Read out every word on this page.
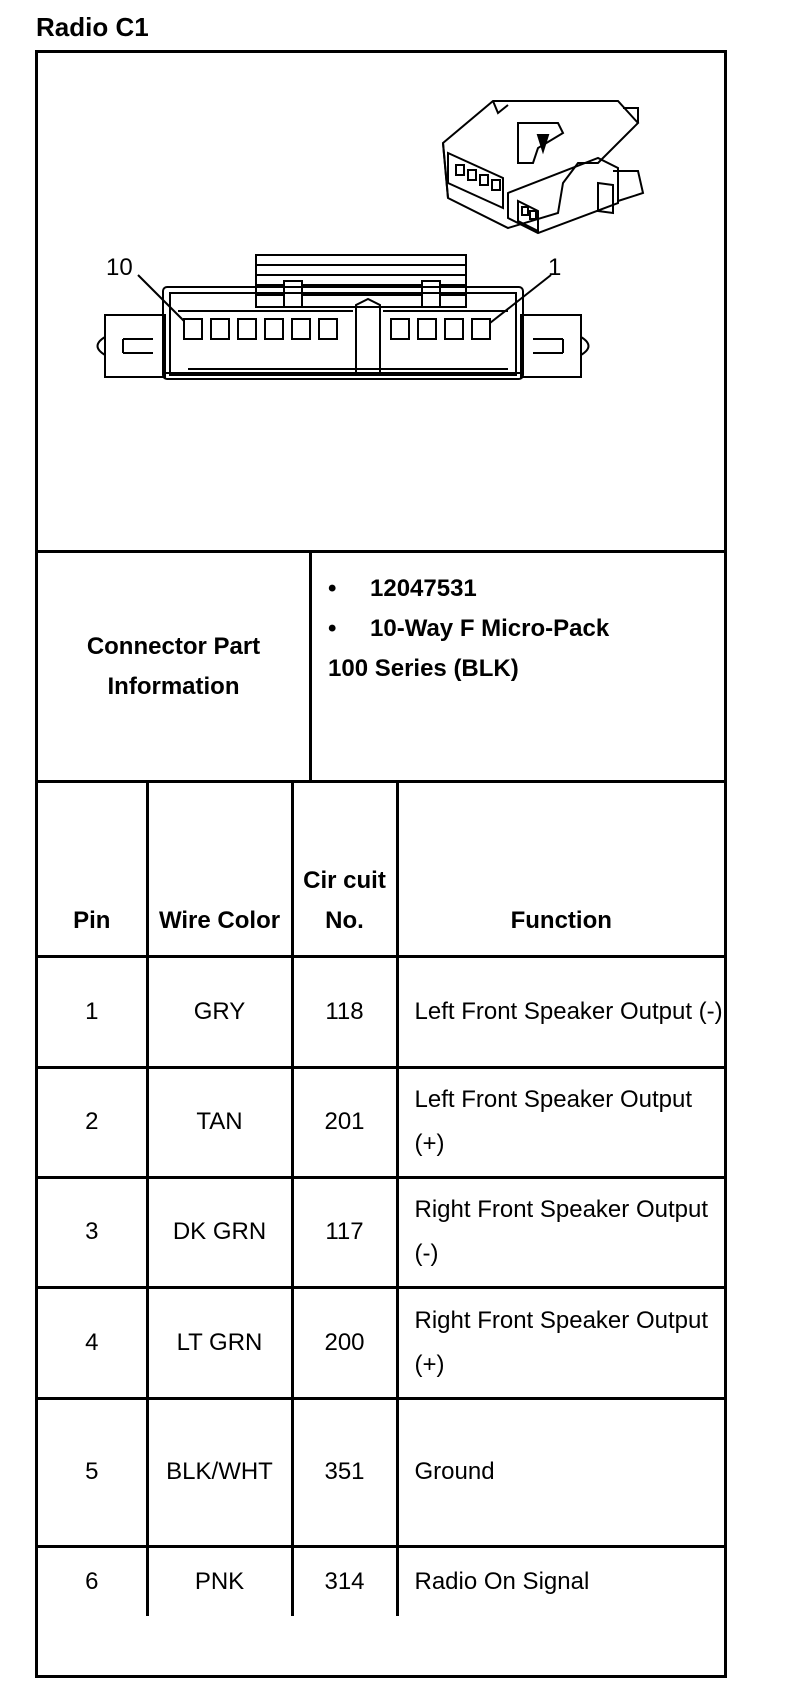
Radio C1
10	1
Connector Part Information
•	12047531
•	10-Way F Micro-Pack
100 Series (BLK)
Pin	Wire Color	Cir cuit No.	Function
1	GRY	118	Left Front Speaker Output (-)
2	TAN	201	Left Front Speaker Output (+)
3	DK GRN	117	Right Front Speaker Output (-)
4	LT GRN	200	Right Front Speaker Output (+)
5	BLK/WHT	351	Ground
6	PNK	314	Radio On Signal
